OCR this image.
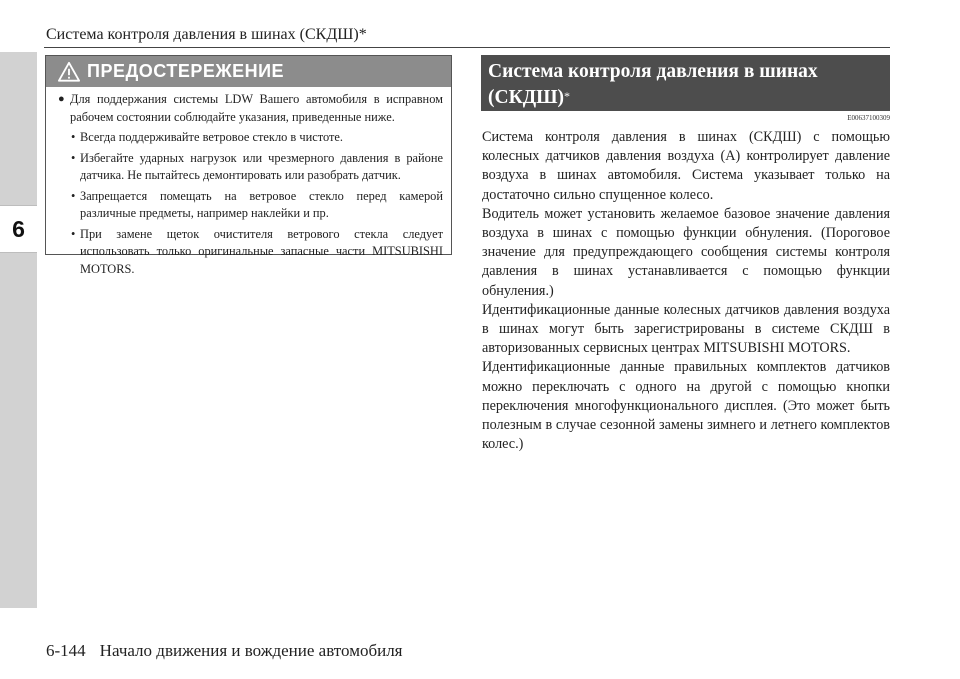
6
Система контроля давления в шинах (СКДШ)*
ПРЕДОСТЕРЕЖЕНИЕ
● Для поддержания системы LDW Вашего автомобиля в исправном рабочем состоянии соблюдайте указания, приведенные ниже.
• Всегда поддерживайте ветровое стекло в чистоте.
• Избегайте ударных нагрузок или чрезмерного давления в районе датчика. Не пытайтесь демонтировать или разобрать датчик.
• Запрещается помещать на ветровое стекло перед камерой различные предметы, например наклейки и пр.
• При замене щеток очистителя ветрового стекла следует использовать только оригинальные запасные части MITSUBISHI MOTORS.
Система контроля давления в шинах (СКДШ)*
E00637100309
Система контроля давления в шинах (СКДШ) с помощью колесных датчиков давления воздуха (A) контролирует давление воздуха в шинах автомобиля. Система указывает только на достаточно сильно спущенное колесо.
Водитель может установить желаемое базовое значение давления воздуха в шинах с помощью функции обнуления. (Пороговое значение для предупреждающего сообщения системы контроля давления в шинах устанавливается с помощью функции обнуления.)
Идентификационные данные колесных датчиков давления воздуха в шинах могут быть зарегистрированы в системе СКДШ в авторизованных сервисных центрах MITSUBISHI MOTORS.
Идентификационные данные правильных комплектов датчиков можно переключать с одного на другой с помощью кнопки переключения многофункционального дисплея. (Это может быть полезным в случае сезонной замены зимнего и летнего комплектов колес.)
6-144 Начало движения и вождение автомобиля
